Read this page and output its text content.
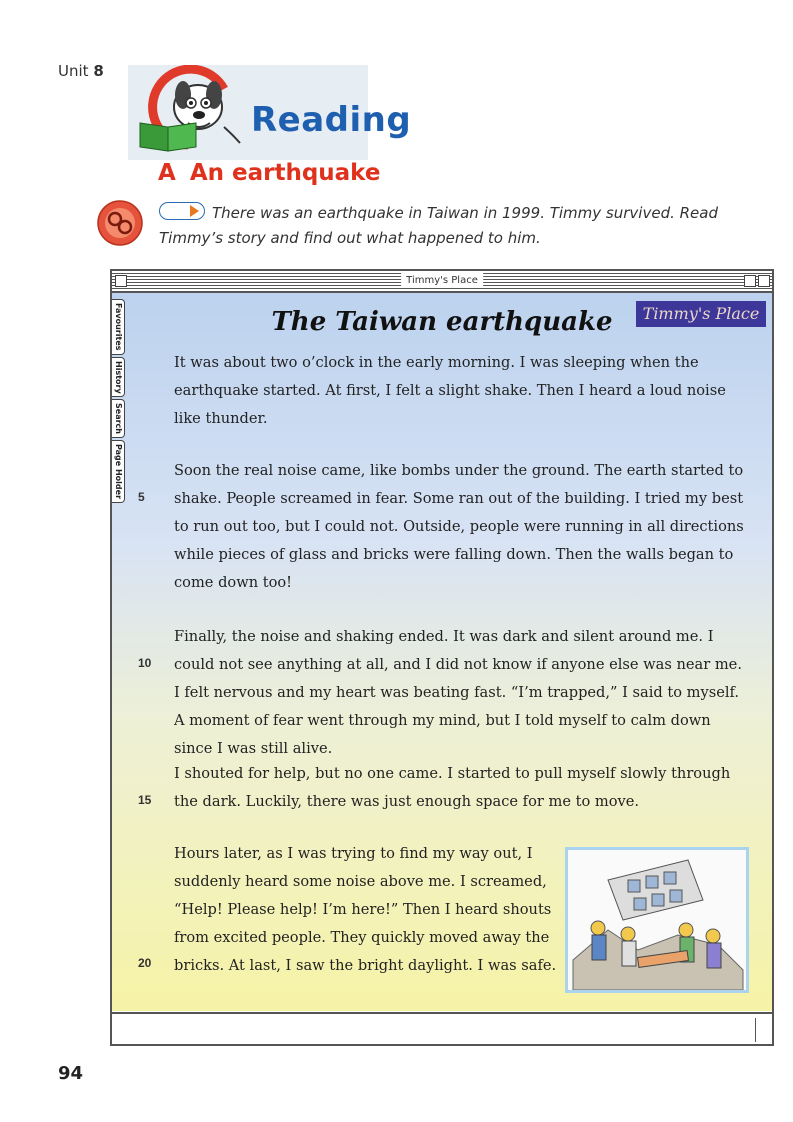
Unit 8
Reading
A An earthquake
There was an earthquake in Taiwan in 1999. Timmy survived. Read Timmy’s story and find out what happened to him.
Timmy's Place
Favourites
History
Search
Page Holder
Timmy's Place
The Taiwan earthquake
It was about two o’clock in the early morning. I was sleeping when the earthquake started. At first, I felt a slight shake. Then I heard a loud noise like thunder.
Soon the real noise came, like bombs under the ground. The earth started to shake. People screamed in fear. Some ran out of the building. I tried my best to run out too, but I could not. Outside, people were running in all directions while pieces of glass and bricks were falling down. Then the walls began to come down too!
Finally, the noise and shaking ended. It was dark and silent around me. I could not see anything at all, and I did not know if anyone else was near me. I felt nervous and my heart was beating fast. “I’m trapped,” I said to myself. A moment of fear went through my mind, but I told myself to calm down since I was still alive.
I shouted for help, but no one came. I started to pull myself slowly through the dark. Luckily, there was just enough space for me to move.
Hours later, as I was trying to find my way out, I suddenly heard some noise above me. I screamed, “Help! Please help! I’m here!” Then I heard shouts from excited people. They quickly moved away the bricks. At last, I saw the bright daylight. I was safe.
5
10
15
20
94
